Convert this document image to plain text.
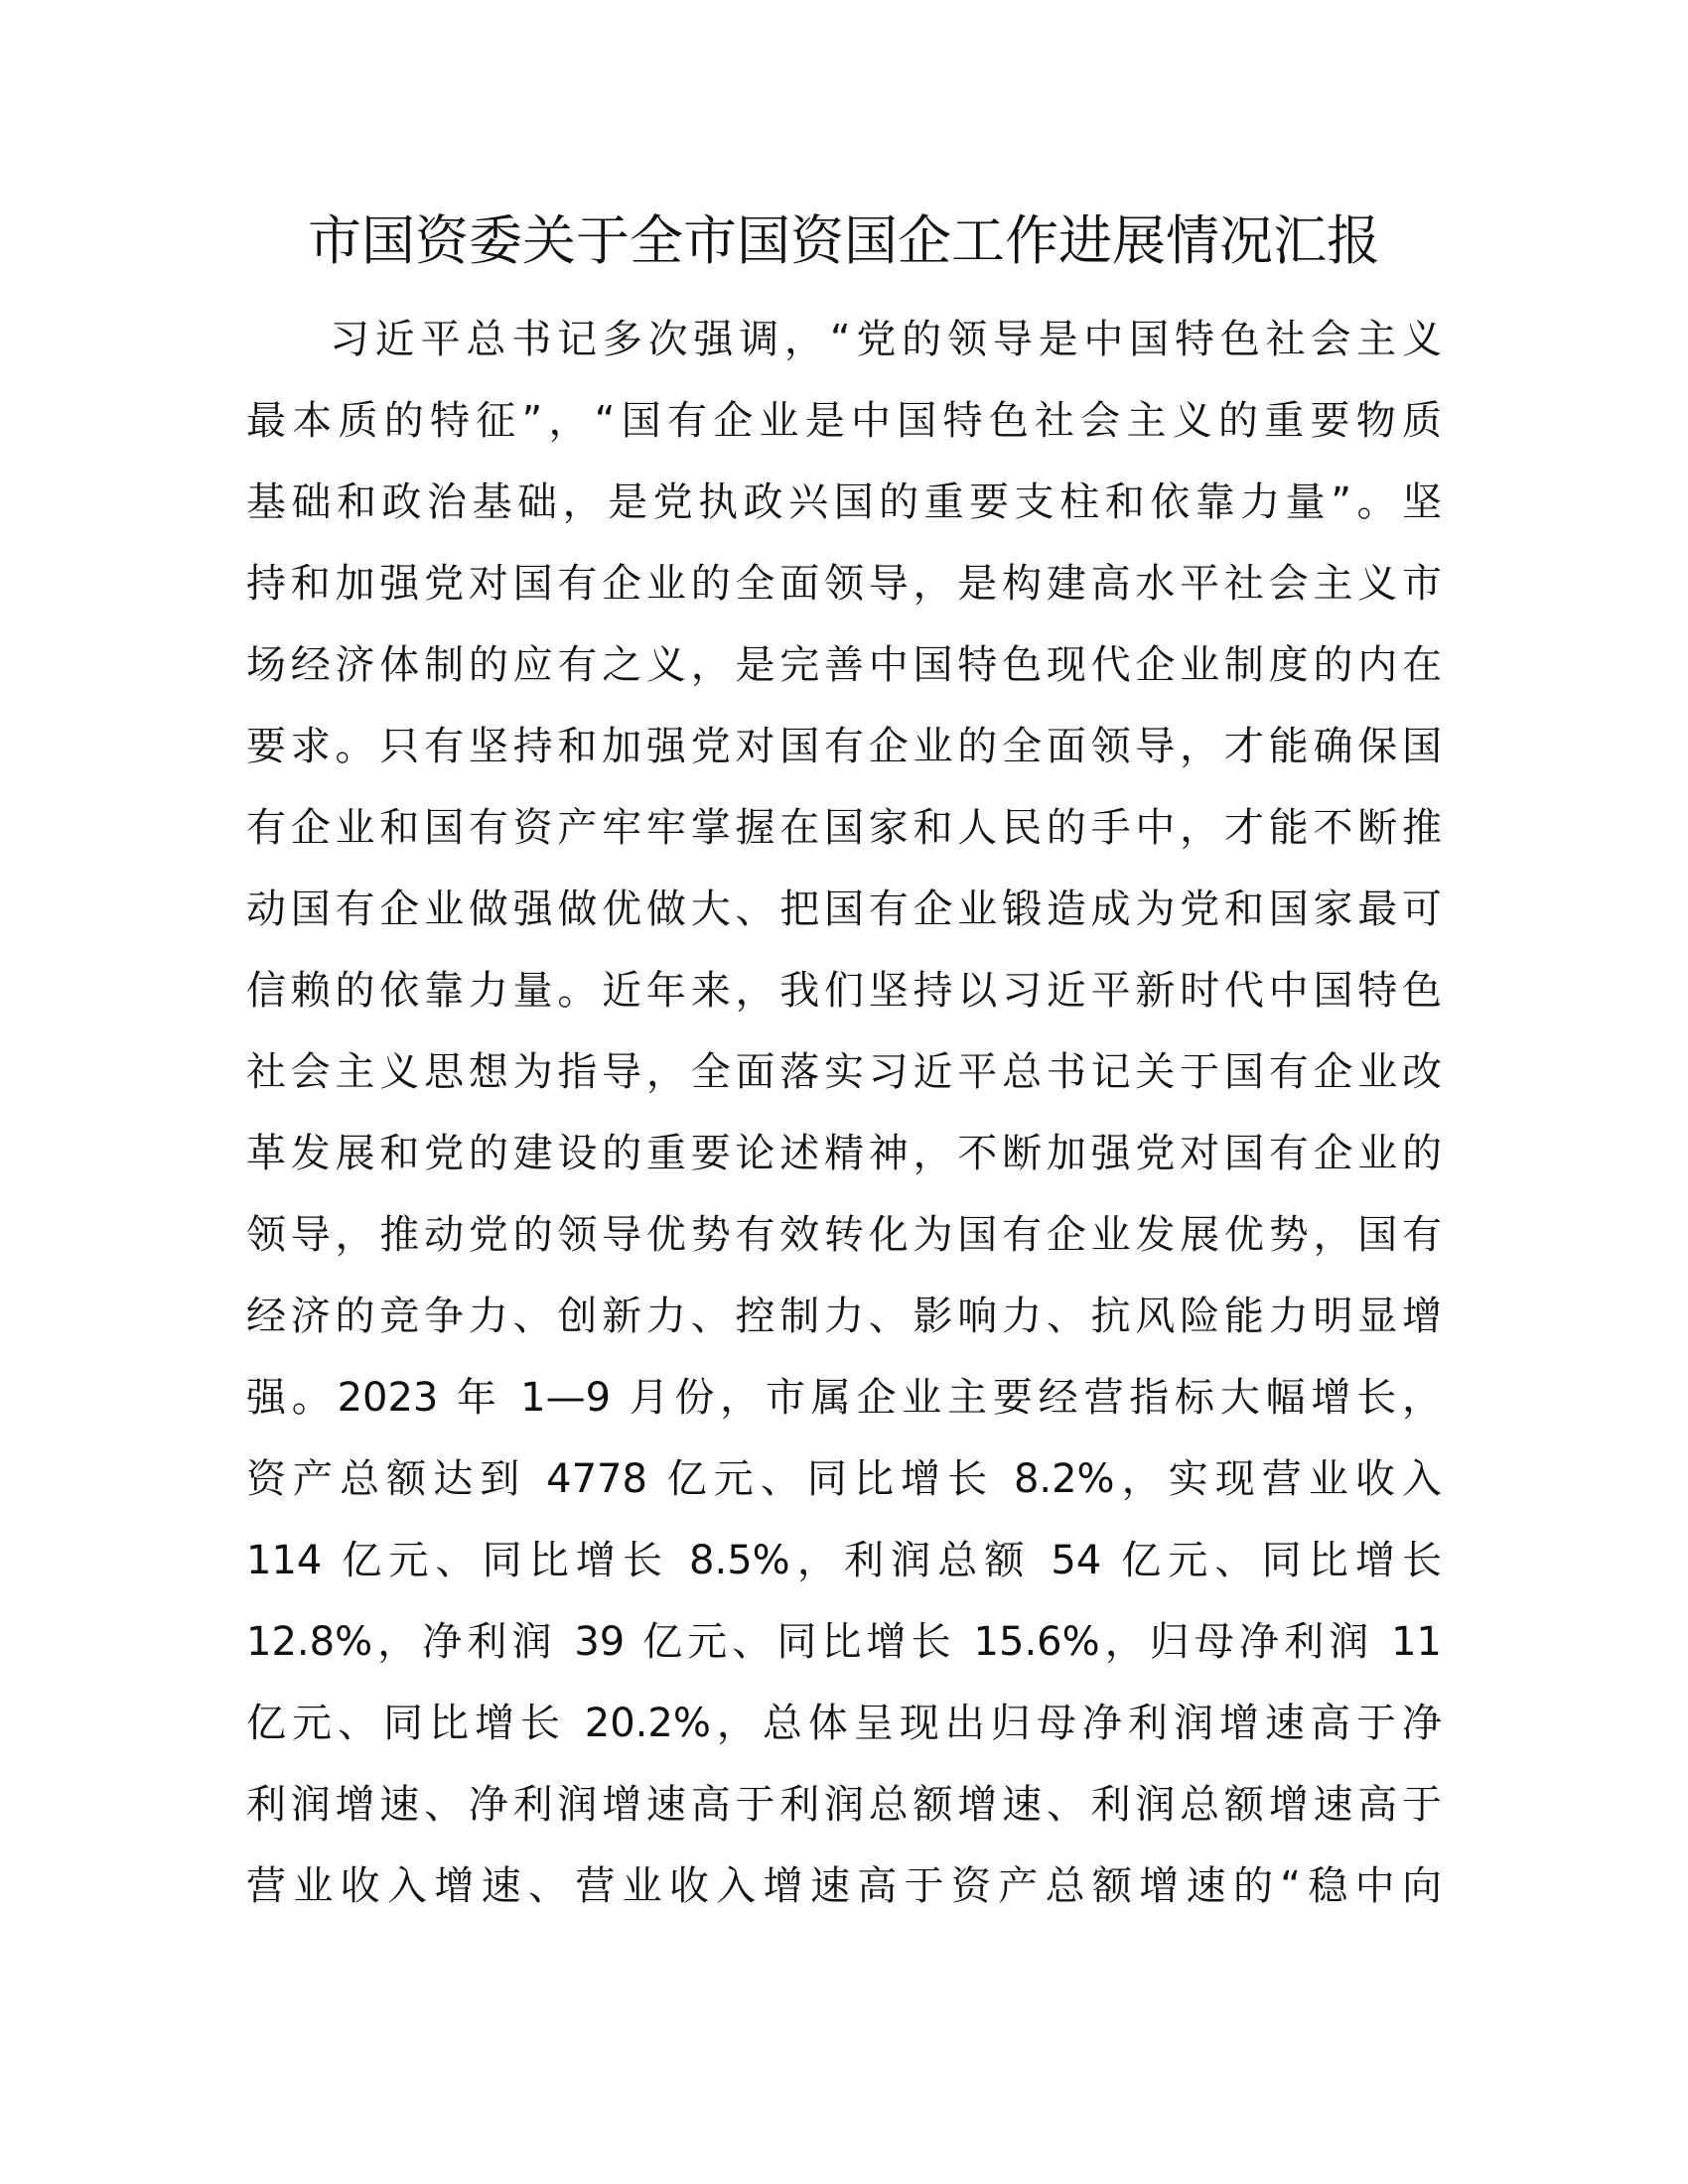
市国资委关于全市国资国企工作进展情况汇报
习近平总书记多次强调，“党的领导是中国特色社会主义
最本质的特征”，“国有企业是中国特色社会主义的重要物质
基础和政治基础，是党执政兴国的重要支柱和依靠力量”。坚
持和加强党对国有企业的全面领导，是构建高水平社会主义市
场经济体制的应有之义，是完善中国特色现代企业制度的内在
要求。只有坚持和加强党对国有企业的全面领导，才能确保国
有企业和国有资产牢牢掌握在国家和人民的手中，才能不断推
动国有企业做强做优做大、把国有企业锻造成为党和国家最可
信赖的依靠力量。近年来，我们坚持以习近平新时代中国特色
社会主义思想为指导，全面落实习近平总书记关于国有企业改
革发展和党的建设的重要论述精神，不断加强党对国有企业的
领导，推动党的领导优势有效转化为国有企业发展优势，国有
经济的竞争力、创新力、控制力、影响力、抗风险能力明显增
强。2023 年 1—9 月份，市属企业主要经营指标大幅增长，
资产总额达到 4778 亿元、同比增长 8.2%，实现营业收入
114 亿元、同比增长 8.5%，利润总额 54 亿元、同比增长
12.8%，净利润 39 亿元、同比增长 15.6%，归母净利润 11
亿元、同比增长 20.2%，总体呈现出归母净利润增速高于净
利润增速、净利润增速高于利润总额增速、利润总额增速高于
营业收入增速、营业收入增速高于资产总额增速的“稳中向
